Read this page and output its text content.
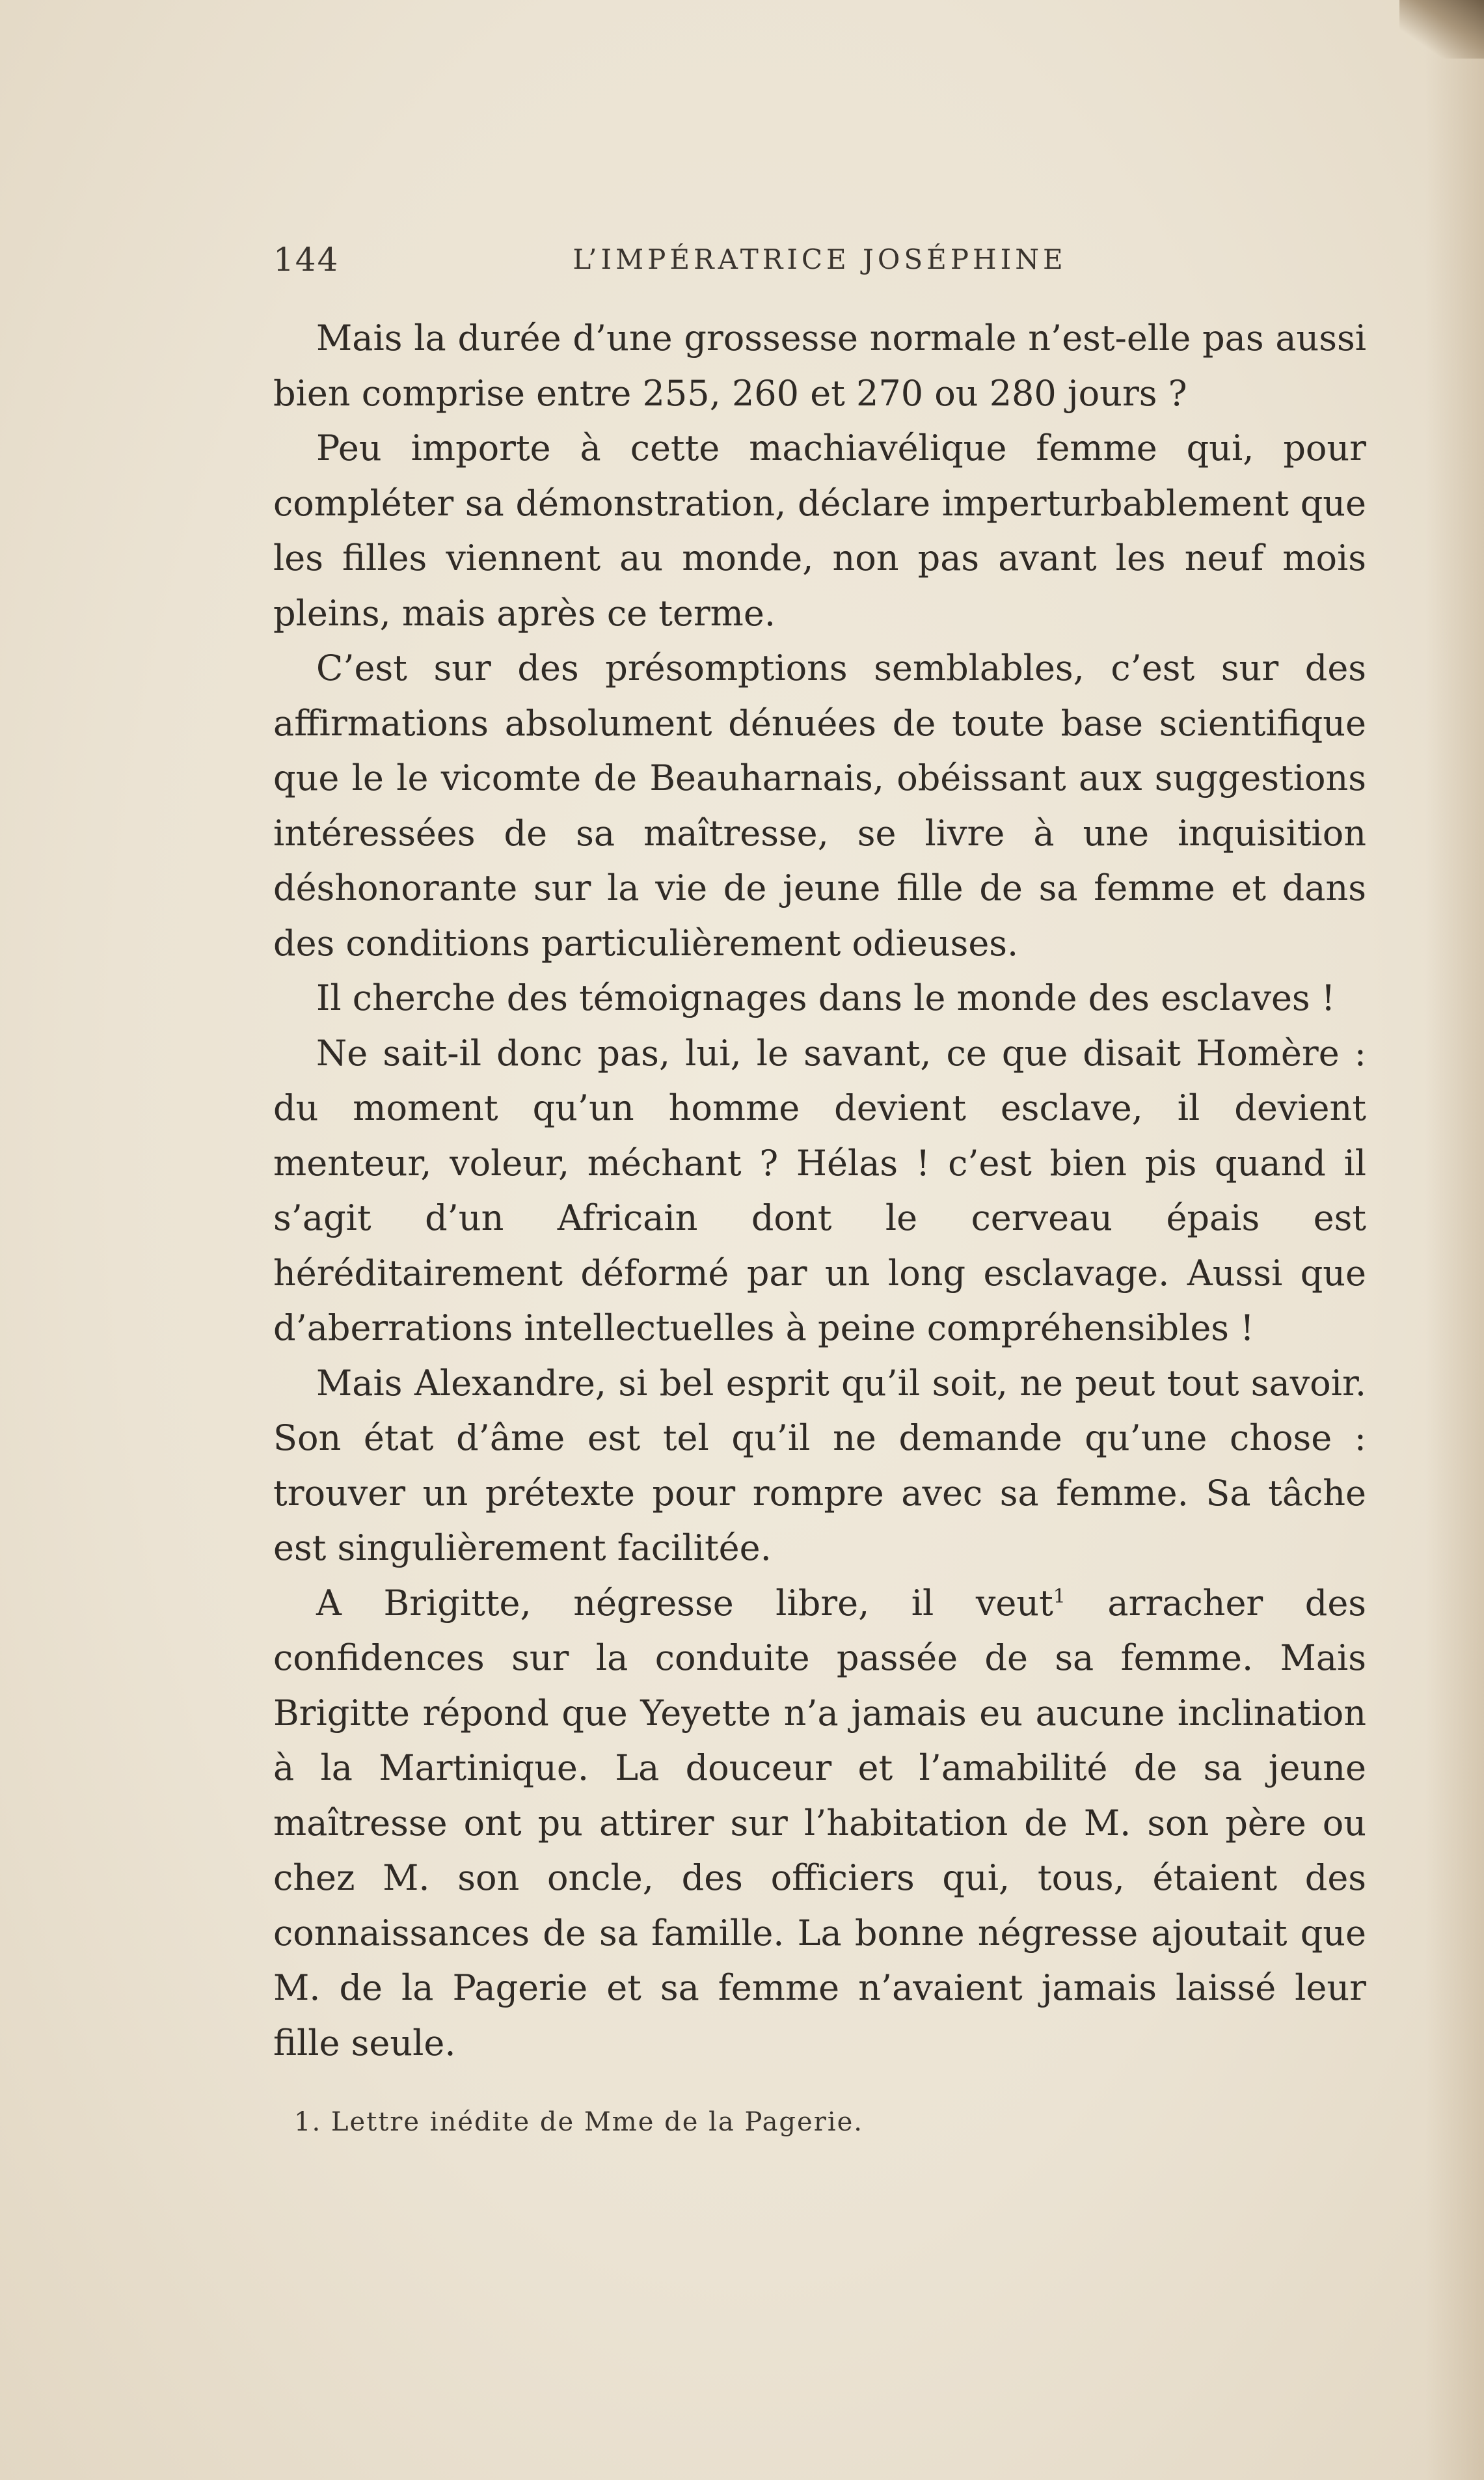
144	L’IMPÉRATRICE JOSÉPHINE

Mais la durée d’une grossesse normale n’est-elle pas aussi bien comprise entre 255, 260 et 270 ou 280 jours ?

Peu importe à cette machiavélique femme qui, pour compléter sa démonstration, déclare imperturbablement que les filles viennent au monde, non pas avant les neuf mois pleins, mais après ce terme.

C’est sur des présomptions semblables, c’est sur des affirmations absolument dénuées de toute base scientifique que le le vicomte de Beauharnais, obéissant aux suggestions intéressées de sa maîtresse, se livre à une inquisition déshonorante sur la vie de jeune fille de sa femme et dans des conditions particulièrement odieuses.

Il cherche des témoignages dans le monde des esclaves !

Ne sait-il donc pas, lui, le savant, ce que disait Homère : du moment qu’un homme devient esclave, il devient menteur, voleur, méchant ? Hélas ! c’est bien pis quand il s’agit d’un Africain dont le cerveau épais est héréditairement déformé par un long esclavage. Aussi que d’aberrations intellectuelles à peine compréhensibles !

Mais Alexandre, si bel esprit qu’il soit, ne peut tout savoir. Son état d’âme est tel qu’il ne demande qu’une chose : trouver un prétexte pour rompre avec sa femme. Sa tâche est singulièrement facilitée.

A Brigitte, négresse libre, il veut$^1$ arracher des confidences sur la conduite passée de sa femme. Mais Brigitte répond que Yeyette n’a jamais eu aucune inclination à la Martinique. La douceur et l’amabilité de sa jeune maîtresse ont pu attirer sur l’habitation de M. son père ou chez M. son oncle, des officiers qui, tous, étaient des connaissances de sa famille. La bonne négresse ajoutait que M. de la Pagerie et sa femme n’avaient jamais laissé leur fille seule.

1. Lettre inédite de Mme de la Pagerie.
